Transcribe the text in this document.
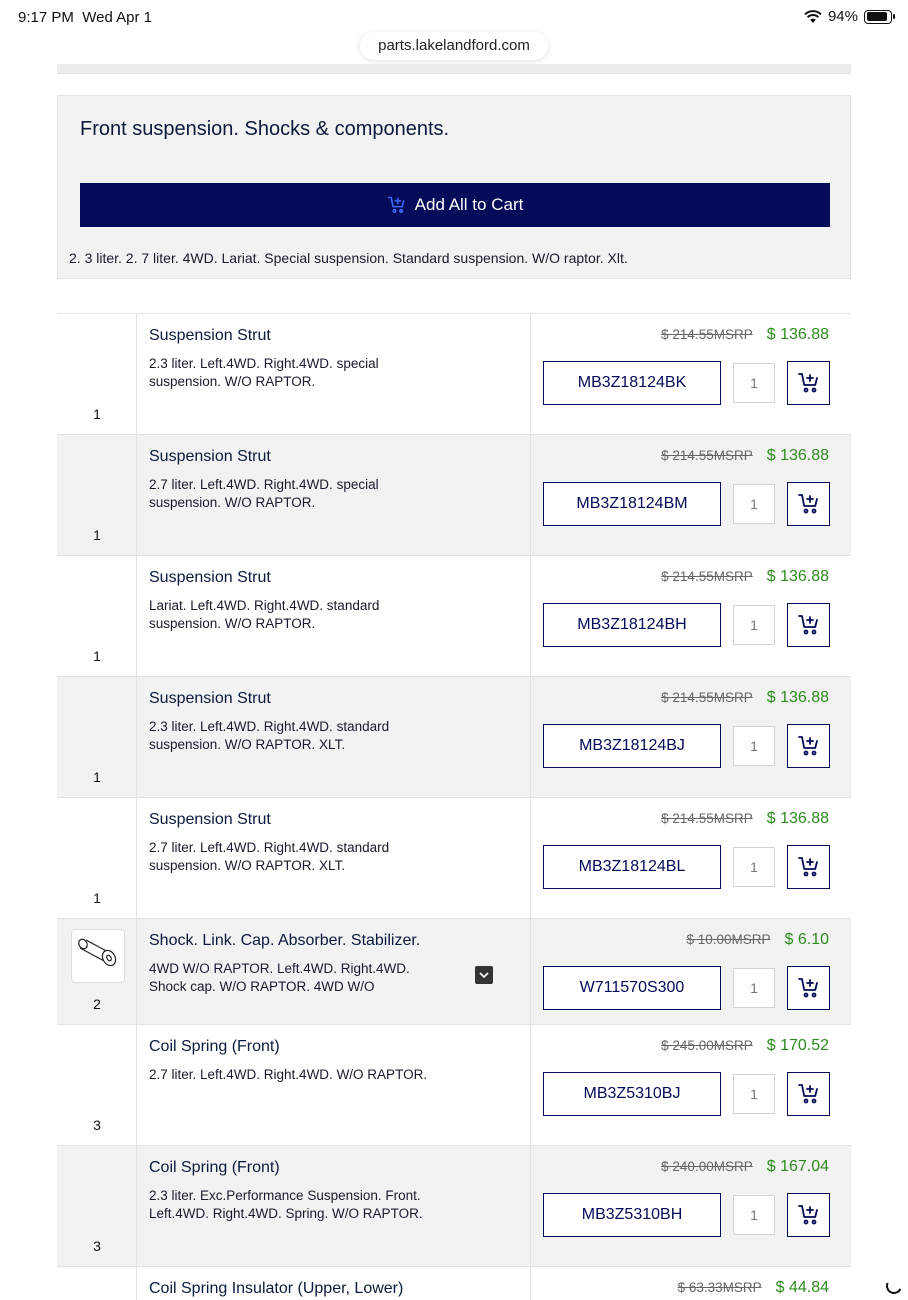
9:17 PM Wed Apr 1	94%
parts.lakelandford.com
Front suspension. Shocks & components.
Add All to Cart
2. 3 liter. 2. 7 liter. 4WD. Lariat. Special suspension. Standard suspension. W/O raptor. Xlt.
1
Suspension Strut
2.3 liter. Left.4WD. Right.4WD. special suspension. W/O RAPTOR.
$ 214.55MSRP $ 136.88
MB3Z18124BK
1
1
Suspension Strut
2.7 liter. Left.4WD. Right.4WD. special suspension. W/O RAPTOR.
$ 214.55MSRP $ 136.88
MB3Z18124BM
1
1
Suspension Strut
Lariat. Left.4WD. Right.4WD. standard suspension. W/O RAPTOR.
$ 214.55MSRP $ 136.88
MB3Z18124BH
1
1
Suspension Strut
2.3 liter. Left.4WD. Right.4WD. standard suspension. W/O RAPTOR. XLT.
$ 214.55MSRP $ 136.88
MB3Z18124BJ
1
1
Suspension Strut
2.7 liter. Left.4WD. Right.4WD. standard suspension. W/O RAPTOR. XLT.
$ 214.55MSRP $ 136.88
MB3Z18124BL
1
2
Shock. Link. Cap. Absorber. Stabilizer.
4WD W/O RAPTOR. Left.4WD. Right.4WD. Shock cap. W/O RAPTOR. 4WD W/O
$ 10.00MSRP $ 6.10
W711570S300
1
3
Coil Spring (Front)
2.7 liter. Left.4WD. Right.4WD. W/O RAPTOR.
$ 245.00MSRP $ 170.52
MB3Z5310BJ
1
3
Coil Spring (Front)
2.3 liter. Exc.Performance Suspension. Front. Left.4WD. Right.4WD. Spring. W/O RAPTOR.
$ 240.00MSRP $ 167.04
MB3Z5310BH
1
Coil Spring Insulator (Upper, Lower)	$ 63.33MSRP $ 44.84
